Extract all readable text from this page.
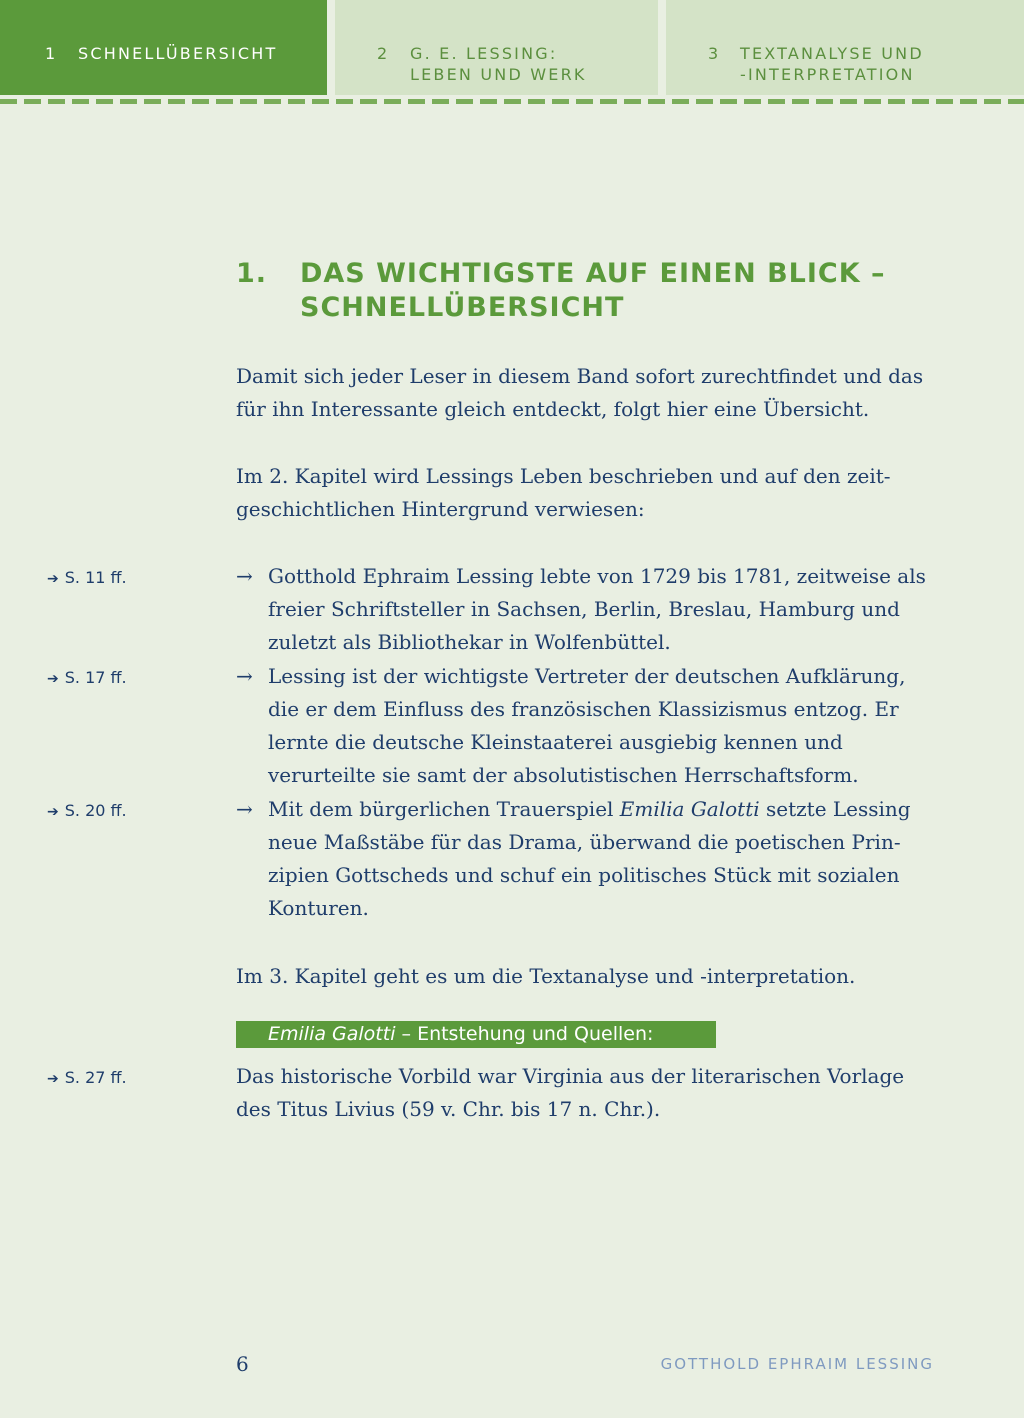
1 SCHNELLÜBERSICHT	2 G. E. LESSING:
LEBEN UND WERK
3 TEXTANALYSE UND
-INTERPRETATION
1. DAS WICHTIGSTE AUF EINEN BLICK –
SCHNELLÜBERSICHT
Damit sich jeder Leser in diesem Band sofort zurechtfindet und das für ihn Interessante gleich entdeckt, folgt hier eine Übersicht.
Im 2. Kapitel wird Lessings Leben beschrieben und auf den zeit-
geschichtlichen Hintergrund verwiesen:
➔ S. 11 ff.	→ Gotthold Ephraim Lessing lebte von 1729 bis 1781, zeitweise als freier Schriftsteller in Sachsen, Berlin, Breslau, Hamburg und zuletzt als Bibliothekar in Wolfenbüttel.
➔ S. 17 ff.	→ Lessing ist der wichtigste Vertreter der deutschen Aufklärung, die er dem Einfluss des französischen Klassizismus entzog. Er lernte die deutsche Kleinstaaterei ausgiebig kennen und verurteilte sie samt der absolutistischen Herrschaftsform.
➔ S. 20 ff.	→ Mit dem bürgerlichen Trauerspiel Emilia Galotti setzte Lessing neue Maßstäbe für das Drama, überwand die poetischen Prin-zipien Gottscheds und schuf ein politisches Stück mit sozialen Konturen.
Im 3. Kapitel geht es um die Textanalyse und -interpretation.
Emilia Galotti – Entstehung und Quellen:
➔ S. 27 ff.	Das historische Vorbild war Virginia aus der literarischen Vorlage des Titus Livius (59 v. Chr. bis 17 n. Chr.).
6	GOTTHOLD EPHRAIM LESSING
